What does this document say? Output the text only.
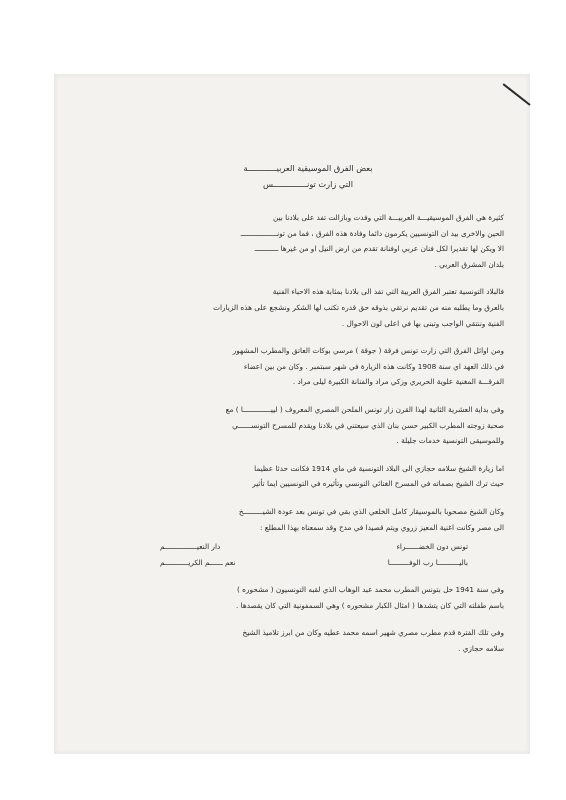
بعض الفرق الموسيقية العربيــــــــــــة
التي زارت تونــــــــــــــس

كثيرة هي الفرق الموسيقيـــة العربيـــة التي وفدت وبازالت تفد على بلادنا بين

الحين والاخرى بيد ان التونسيين يكرمون دائما وفادة هذه الفرق ، فما من تونـــــــــــــــــ

الا ويكن لها تقديرا لكل فنان عربي اوفنانة تقدم من ارض النيل او من غيرها ـــــــــــ

بلدان المشرق العربي .

فالبلاد التونسية تعتبر الفرق العربية التي تفد الى بلادنا بمثابة هذه الاحباء الفنية

بالعرق وما يطلبه منه من تقديم نرتقي بذوقه حق قدره تكتب لها الشكر ونشجع على هذه الزيارات

الفنية وننتقي الواجب وتبنى بها في اعلى لون الاحوال .

ومن اوائل الفرق التي زارت تونس فرقة ( جوقة ) مرسي بوكات العاتق والمطرب المشهور

في ذلك العهد اي سنة 1908 وكانت هذه الزيارة في شهر سبتمبر . وكان من بين اعضاء

الفرقـــة المغنية علوية الحريري وزكي مراد والفنانة الكبيرة ليلى مراد .

وفي بداية العشرية الثانية لهذا القرن زار تونس الملحن المصري المعروف ( لييـــــــــــــا ) مع

صحبة زوجته المطرب الكبير حسن بنان الذي سيعتني في بلادنا ويقدم للمسرح التونســــــي

وللموسيقى التونسية خدمات جليلة .

اما زيارة الشيخ سلامه حجازي الى البلاد التونسية في ماي 1914 فكانت حدثا عظيما

حيث ترك الشيخ بصماته في المسرح الغنائي التونسي وتأثيره في التونسيين ايما تأثير

وكان الشيخ مصحوبا بالموسيقار كامل الخلعي الذي بقي في تونس بعد عودة الشيـــــــــخ

الى مصر وكانت اغنية المعيز زروي ويتم قصيدا في مدح وقد سمعناه بهذا المطلع :

تونس دون الخضــــــراء
دار النعيـــــــــــــــم
باليــــــــــا رب الوفـــــــــا
نعم ــــــم الكريـــــــــــم

وفي سنة 1941 حل بتونس المطرب محمد عبد الوهاب الذي لقبه التونسيون ( مشحوره )

باسم طفلته التي كان يتشدها ( امثال الكبار مشحوره ) وهي السمفونية التي كان يقصدها .

وفي تلك الفترة قدم مطرب مصري شهير اسمه محمد عطيه وكان من ابرز تلاميذ الشيخ

سلامه حجازي .
